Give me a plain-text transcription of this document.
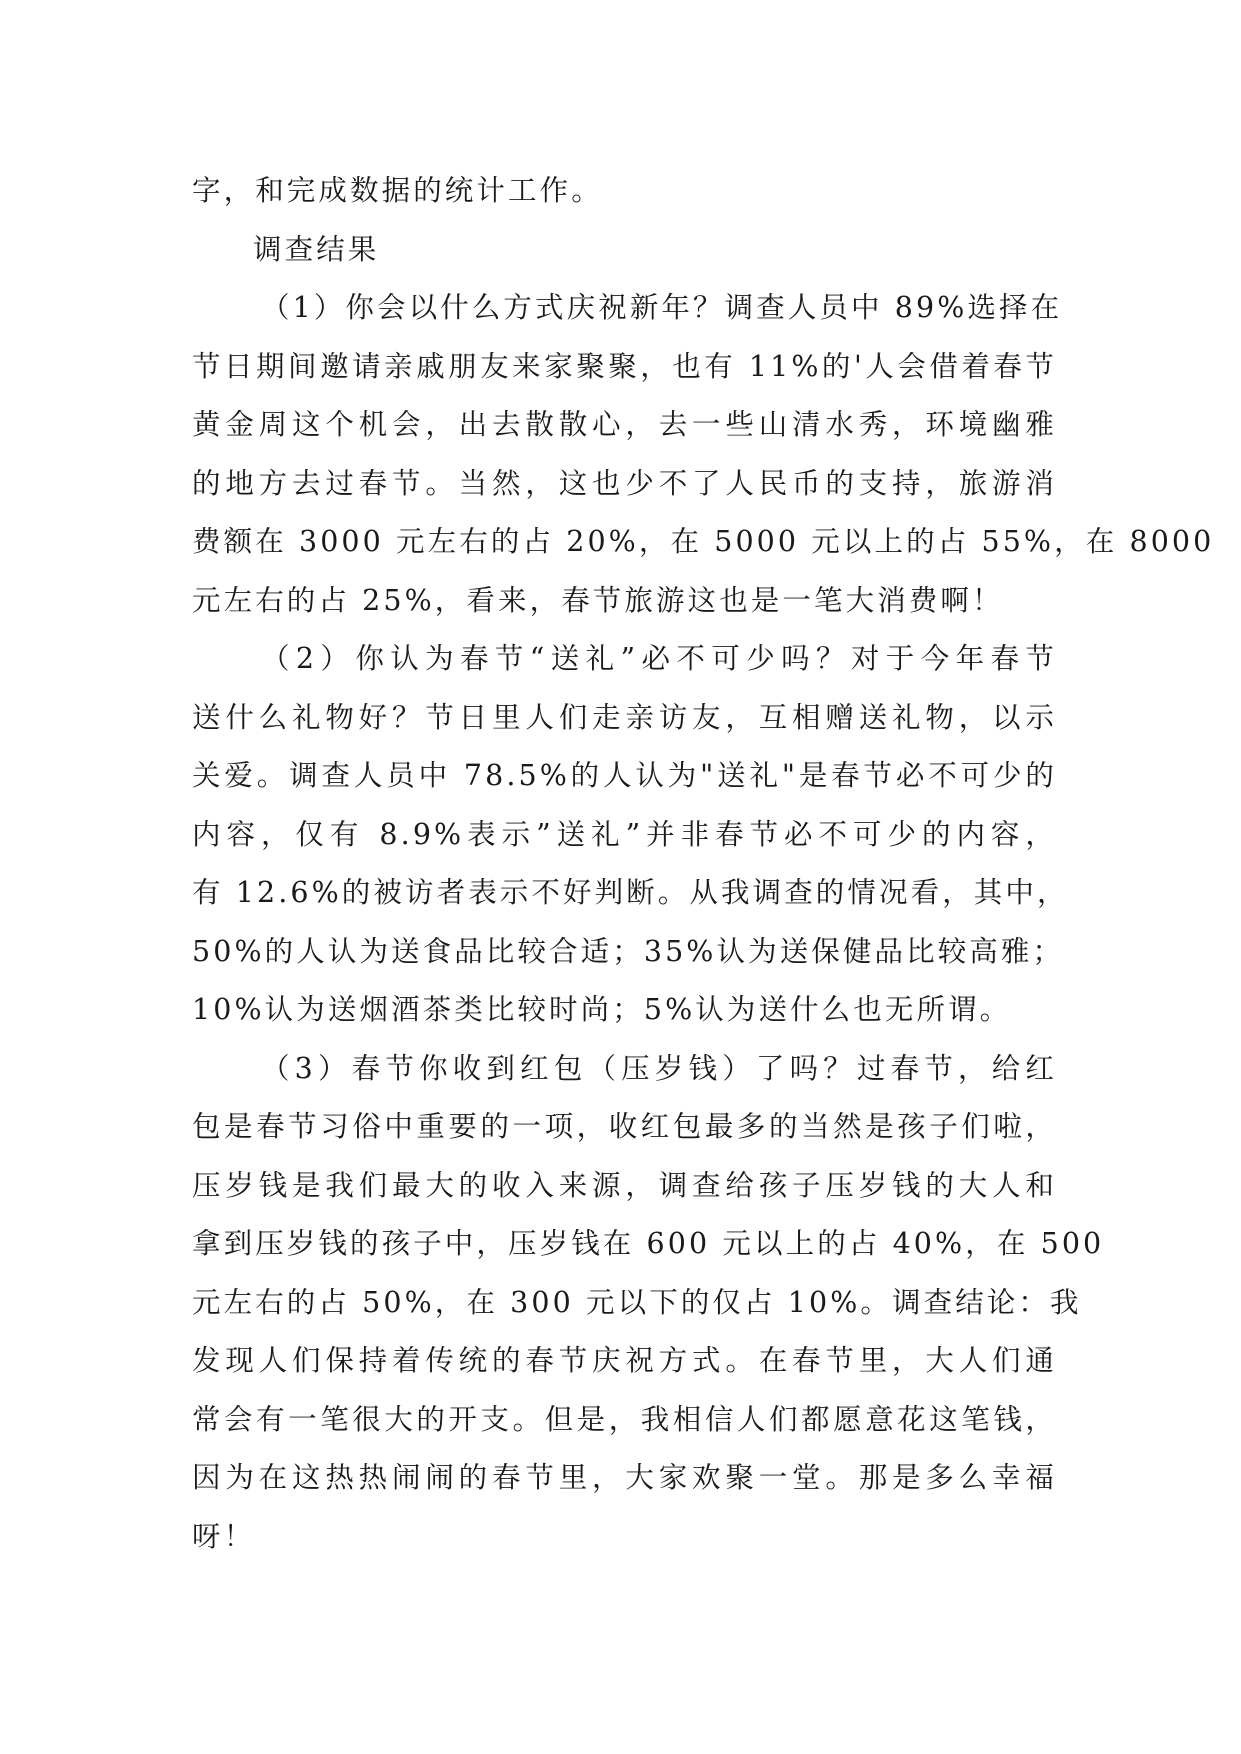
字，和完成数据的统计工作。
调查结果
（1）你会以什么方式庆祝新年？调查人员中 89%选择在
节日期间邀请亲戚朋友来家聚聚，也有 11%的'人会借着春节
黄金周这个机会，出去散散心，去一些山清水秀，环境幽雅
的地方去过春节。当然，这也少不了人民币的支持，旅游消
费额在 3000 元左右的占 20%，在 5000 元以上的占 55%，在 8000
元左右的占 25%，看来，春节旅游这也是一笔大消费啊！
（2）你认为春节“送礼”必不可少吗？对于今年春节
送什么礼物好？节日里人们走亲访友，互相赠送礼物，以示
关爱。调查人员中 78.5%的人认为"送礼"是春节必不可少的
内容，仅有 8.9%表示”送礼”并非春节必不可少的内容，
有 12.6%的被访者表示不好判断。从我调查的情况看，其中，
50%的人认为送食品比较合适；35%认为送保健品比较高雅；
10%认为送烟酒茶类比较时尚；5%认为送什么也无所谓。
（3）春节你收到红包（压岁钱）了吗？过春节，给红
包是春节习俗中重要的一项，收红包最多的当然是孩子们啦，
压岁钱是我们最大的收入来源，调查给孩子压岁钱的大人和
拿到压岁钱的孩子中，压岁钱在 600 元以上的占 40%，在 500
元左右的占 50%，在 300 元以下的仅占 10%。调查结论：我
发现人们保持着传统的春节庆祝方式。在春节里，大人们通
常会有一笔很大的开支。但是，我相信人们都愿意花这笔钱，
因为在这热热闹闹的春节里，大家欢聚一堂。那是多么幸福
呀！
